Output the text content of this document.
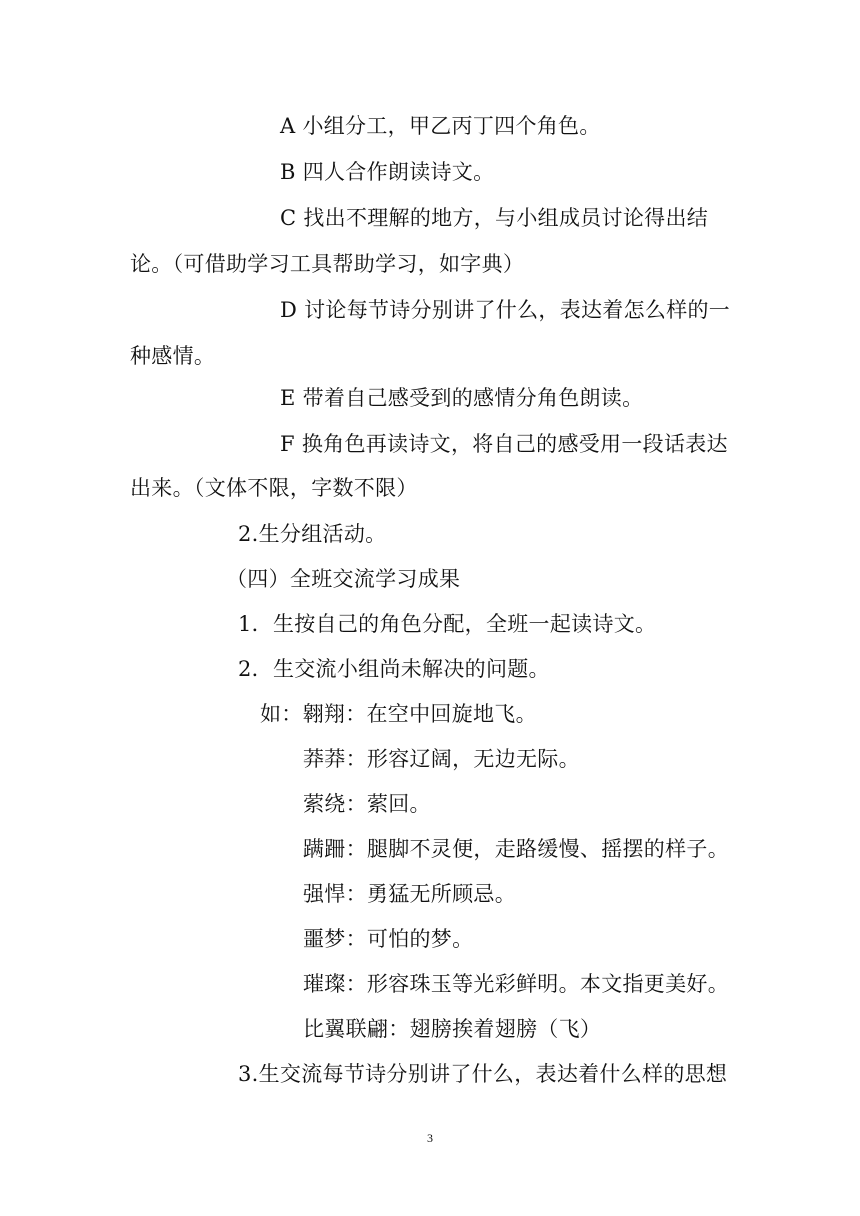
A 小组分工，甲乙丙丁四个角色。
B 四人合作朗读诗文。
C 找出不理解的地方，与小组成员讨论得出结
论。（可借助学习工具帮助学习，如字典）
D 讨论每节诗分别讲了什么，表达着怎么样的一
种感情。
E 带着自己感受到的感情分角色朗读。
F 换角色再读诗文，将自己的感受用一段话表达
出来。（文体不限，字数不限）
2.生分组活动。
（四）全班交流学习成果
1．生按自己的角色分配，全班一起读诗文。
2．生交流小组尚未解决的问题。
如：翱翔：在空中回旋地飞。
莽莽：形容辽阔，无边无际。
萦绕：萦回。
蹒跚：腿脚不灵便，走路缓慢、摇摆的样子。
强悍：勇猛无所顾忌。
噩梦：可怕的梦。
璀璨：形容珠玉等光彩鲜明。本文指更美好。
比翼联翩：翅膀挨着翅膀（飞）
3.生交流每节诗分别讲了什么，表达着什么样的思想
3
